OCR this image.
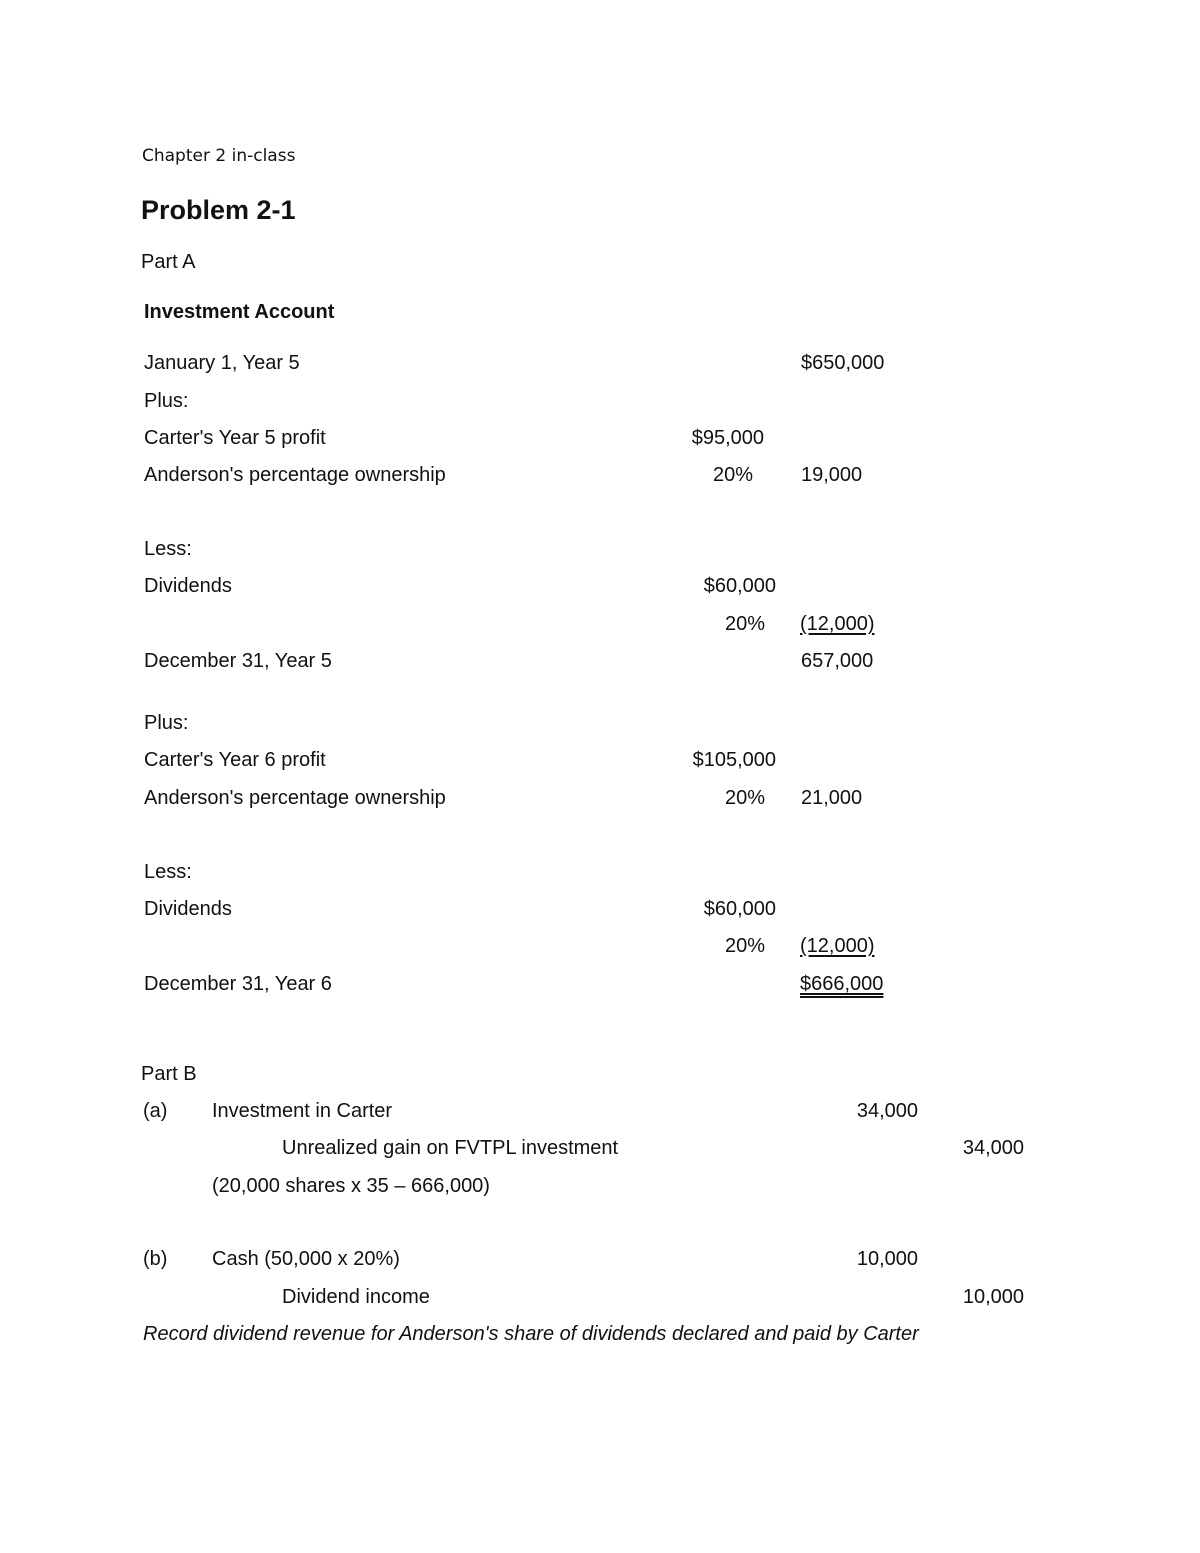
Chapter 2 in-class
Problem 2-1
Part A
Investment Account
January 1, Year 5	$650,000
Plus:
Carter's Year 5 profit	$95,000
Anderson's percentage ownership	20% 19,000
Less:
Dividends	$60,000
20% (12,000)
December 31, Year 5	657,000
Plus:
Carter's Year 6 profit	$105,000
Anderson's percentage ownership	20% 21,000
Less:
Dividends	$60,000
20% (12,000)
December 31, Year 6	$666,000
Part B
(a) Investment in Carter	34,000
Unrealized gain on FVTPL investment	34,000
(20,000 shares x 35 – 666,000)
(b) Cash (50,000 x 20%)	10,000
Dividend income	10,000
Record dividend revenue for Anderson's share of dividends declared and paid by Carter
